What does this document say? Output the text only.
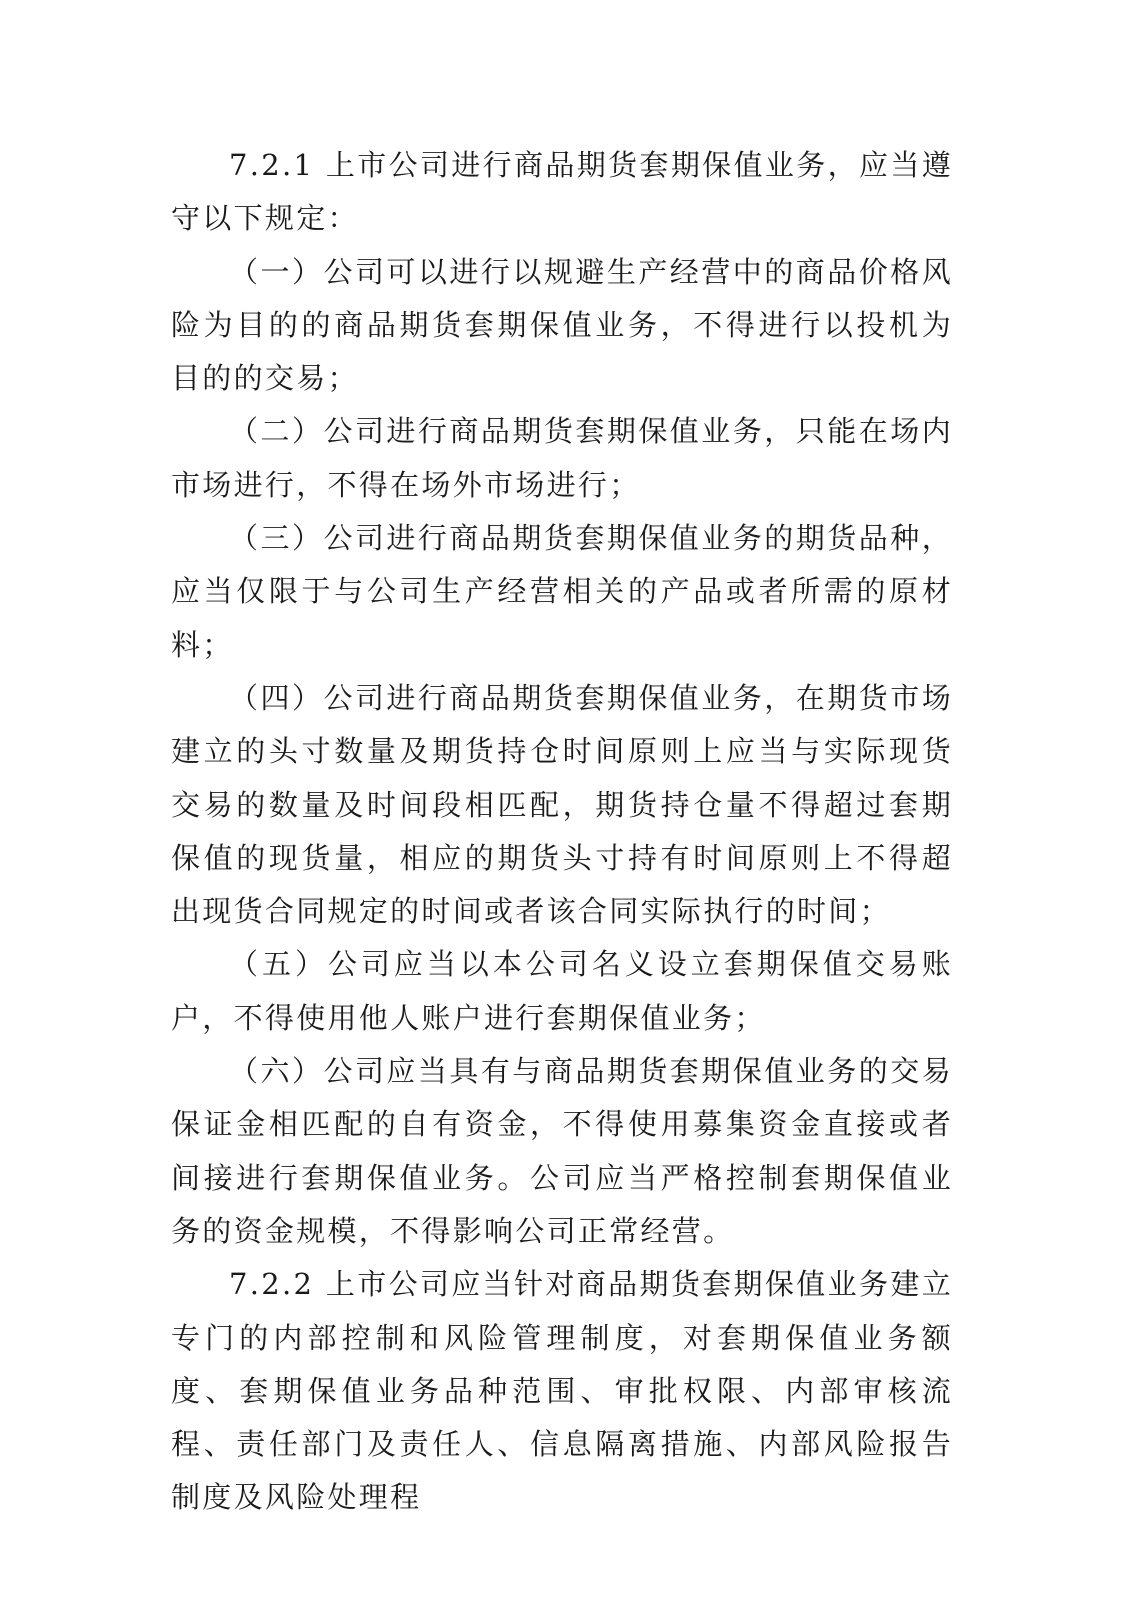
7.2.1 上市公司进行商品期货套期保值业务，应当遵守以下规定：

（一）公司可以进行以规避生产经营中的商品价格风险为目的的商品期货套期保值业务，不得进行以投机为目的的交易；

（二）公司进行商品期货套期保值业务，只能在场内市场进行，不得在场外市场进行；

（三）公司进行商品期货套期保值业务的期货品种，应当仅限于与公司生产经营相关的产品或者所需的原材料；

（四）公司进行商品期货套期保值业务，在期货市场建立的头寸数量及期货持仓时间原则上应当与实际现货交易的数量及时间段相匹配，期货持仓量不得超过套期保值的现货量，相应的期货头寸持有时间原则上不得超出现货合同规定的时间或者该合同实际执行的时间；

（五）公司应当以本公司名义设立套期保值交易账户，不得使用他人账户进行套期保值业务；

（六）公司应当具有与商品期货套期保值业务的交易保证金相匹配的自有资金，不得使用募集资金直接或者间接进行套期保值业务。公司应当严格控制套期保值业务的资金规模，不得影响公司正常经营。

7.2.2 上市公司应当针对商品期货套期保值业务建立专门的内部控制和风险管理制度，对套期保值业务额度、套期保值业务品种范围、审批权限、内部审核流程、责任部门及责任人、信息隔离措施、内部风险报告制度及风险处理程
